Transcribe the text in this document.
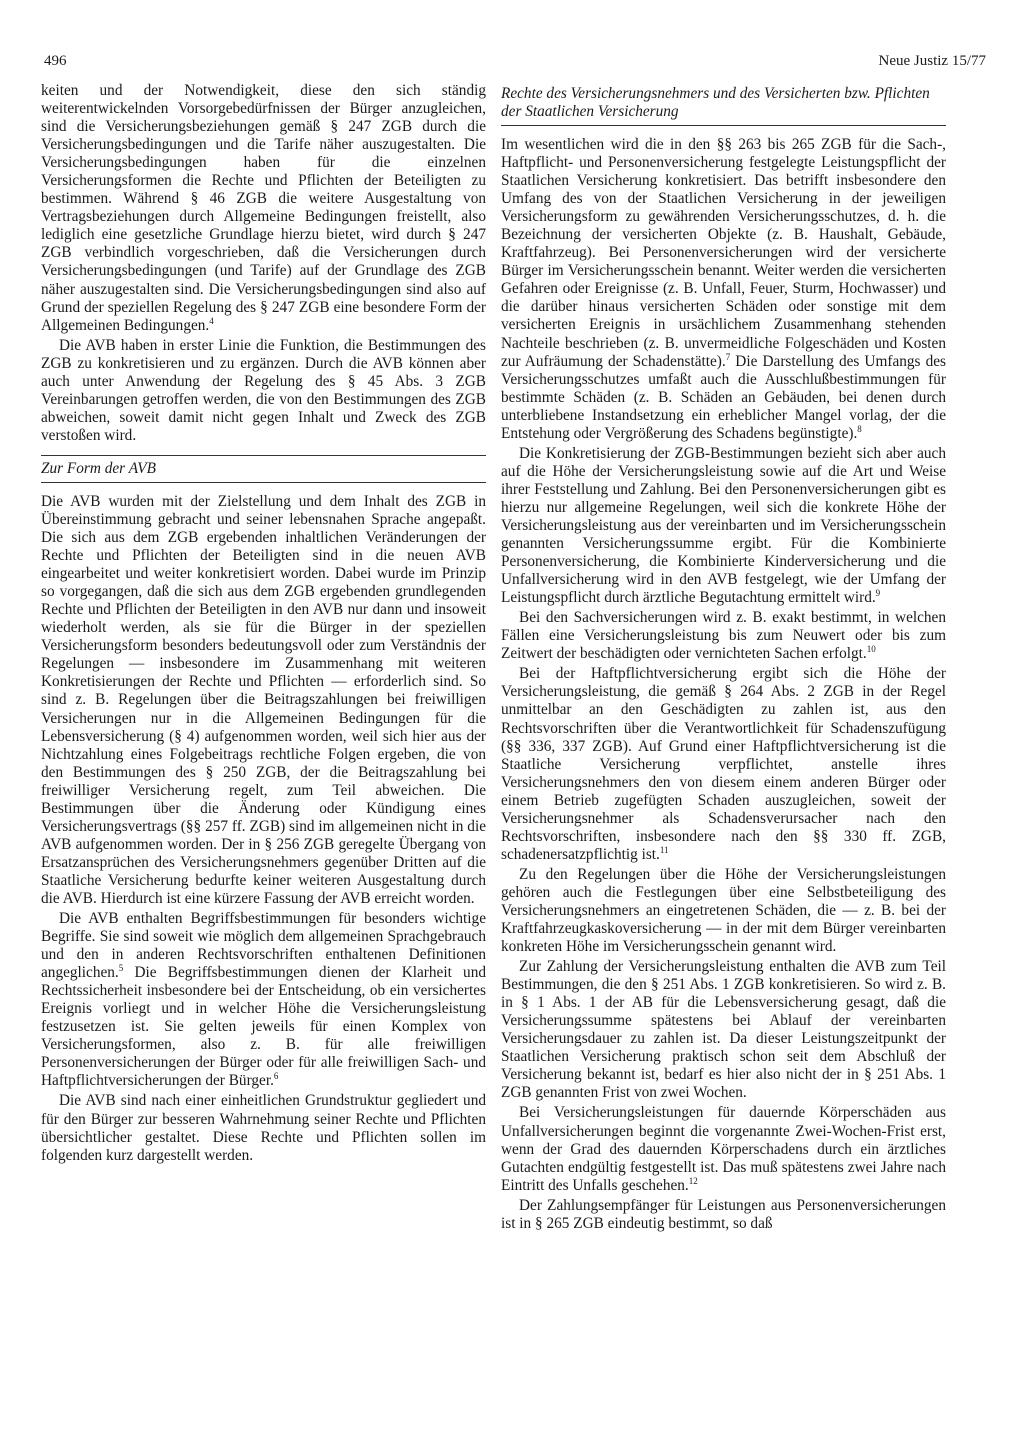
496	Neue Justiz 15/77

keiten und der Notwendigkeit, diese den sich ständig weiterentwickelnden Vorsorgebedürfnissen der Bürger anzugleichen, sind die Versicherungsbeziehungen gemäß § 247 ZGB durch die Versicherungsbedingungen und die Tarife näher auszugestalten. Die Versicherungsbedingungen haben für die einzelnen Versicherungsformen die Rechte und Pflichten der Beteiligten zu bestimmen. Während § 46 ZGB die weitere Ausgestaltung von Vertragsbeziehungen durch Allgemeine Bedingungen freistellt, also lediglich eine gesetzliche Grundlage hierzu bietet, wird durch § 247 ZGB verbindlich vorgeschrieben, daß die Versicherungen durch Versicherungsbedingungen (und Tarife) auf der Grundlage des ZGB näher auszugestalten sind. Die Versicherungsbedingungen sind also auf Grund der speziellen Regelung des § 247 ZGB eine besondere Form der Allgemeinen Bedingungen.$^4$

Die AVB haben in erster Linie die Funktion, die Bestimmungen des ZGB zu konkretisieren und zu ergänzen. Durch die AVB können aber auch unter Anwendung der Regelung des § 45 Abs. 3 ZGB Vereinbarungen getroffen werden, die von den Bestimmungen des ZGB abweichen, soweit damit nicht gegen Inhalt und Zweck des ZGB verstoßen wird.

Zur Form der AVB

Die AVB wurden mit der Zielstellung und dem Inhalt des ZGB in Übereinstimmung gebracht und seiner lebensnahen Sprache angepaßt. Die sich aus dem ZGB ergebenden inhaltlichen Veränderungen der Rechte und Pflichten der Beteiligten sind in die neuen AVB eingearbeitet und weiter konkretisiert worden. Dabei wurde im Prinzip so vorgegangen, daß die sich aus dem ZGB ergebenden grundlegenden Rechte und Pflichten der Beteiligten in den AVB nur dann und insoweit wiederholt werden, als sie für die Bürger in der speziellen Versicherungsform besonders bedeutungsvoll oder zum Verständnis der Regelungen — insbesondere im Zusammenhang mit weiteren Konkretisierungen der Rechte und Pflichten — erforderlich sind. So sind z. B. Regelungen über die Beitragszahlungen bei freiwilligen Versicherungen nur in die Allgemeinen Bedingungen für die Lebensversicherung (§ 4) aufgenommen worden, weil sich hier aus der Nichtzahlung eines Folgebeitrags rechtliche Folgen ergeben, die von den Bestimmungen des § 250 ZGB, der die Beitragszahlung bei freiwilliger Versicherung regelt, zum Teil abweichen. Die Bestimmungen über die Änderung oder Kündigung eines Versicherungsvertrags (§§ 257 ff. ZGB) sind im allgemeinen nicht in die AVB aufgenommen worden. Der in § 256 ZGB geregelte Übergang von Ersatzansprüchen des Versicherungsnehmers gegenüber Dritten auf die Staatliche Versicherung bedurfte keiner weiteren Ausgestaltung durch die AVB. Hierdurch ist eine kürzere Fassung der AVB erreicht worden.

Die AVB enthalten Begriffsbestimmungen für besonders wichtige Begriffe. Sie sind soweit wie möglich dem allgemeinen Sprachgebrauch und den in anderen Rechtsvorschriften enthaltenen Definitionen angeglichen.$^5$ Die Begriffsbestimmungen dienen der Klarheit und Rechtssicherheit insbesondere bei der Entscheidung, ob ein versichertes Ereignis vorliegt und in welcher Höhe die Versicherungsleistung festzusetzen ist. Sie gelten jeweils für einen Komplex von Versicherungsformen, also z. B. für alle freiwilligen Personenversicherungen der Bürger oder für alle freiwilligen Sach- und Haftpflichtversicherungen der Bürger.$^6$

Die AVB sind nach einer einheitlichen Grundstruktur gegliedert und für den Bürger zur besseren Wahrnehmung seiner Rechte und Pflichten übersichtlicher gestaltet. Diese Rechte und Pflichten sollen im folgenden kurz dargestellt werden.

Rechte des Versicherungsnehmers und des Versicherten bzw. Pflichten der Staatlichen Versicherung

Im wesentlichen wird die in den §§ 263 bis 265 ZGB für die Sach-, Haftpflicht- und Personenversicherung festgelegte Leistungspflicht der Staatlichen Versicherung konkretisiert. Das betrifft insbesondere den Umfang des von der Staatlichen Versicherung in der jeweiligen Versicherungsform zu gewährenden Versicherungsschutzes, d. h. die Bezeichnung der versicherten Objekte (z. B. Haushalt, Gebäude, Kraftfahrzeug). Bei Personenversicherungen wird der versicherte Bürger im Versicherungsschein benannt. Weiter werden die versicherten Gefahren oder Ereignisse (z. B. Unfall, Feuer, Sturm, Hochwasser) und die darüber hinaus versicherten Schäden oder sonstige mit dem versicherten Ereignis in ursächlichem Zusammenhang stehenden Nachteile beschrieben (z. B. unvermeidliche Folgeschäden und Kosten zur Aufräumung der Schadenstätte).$^7$ Die Darstellung des Umfangs des Versicherungsschutzes umfaßt auch die Ausschlußbestimmungen für bestimmte Schäden (z. B. Schäden an Gebäuden, bei denen durch unterbliebene Instandsetzung ein erheblicher Mangel vorlag, der die Entstehung oder Vergrößerung des Schadens begünstigte).$^8$

Die Konkretisierung der ZGB-Bestimmungen bezieht sich aber auch auf die Höhe der Versicherungsleistung sowie auf die Art und Weise ihrer Feststellung und Zahlung. Bei den Personenversicherungen gibt es hierzu nur allgemeine Regelungen, weil sich die konkrete Höhe der Versicherungsleistung aus der vereinbarten und im Versicherungsschein genannten Versicherungssumme ergibt. Für die Kombinierte Personenversicherung, die Kombinierte Kinderversicherung und die Unfallversicherung wird in den AVB festgelegt, wie der Umfang der Leistungspflicht durch ärztliche Begutachtung ermittelt wird.$^9$

Bei den Sachversicherungen wird z. B. exakt bestimmt, in welchen Fällen eine Versicherungsleistung bis zum Neuwert oder bis zum Zeitwert der beschädigten oder vernichteten Sachen erfolgt.$^{10}$

Bei der Haftpflichtversicherung ergibt sich die Höhe der Versicherungsleistung, die gemäß § 264 Abs. 2 ZGB in der Regel unmittelbar an den Geschädigten zu zahlen ist, aus den Rechtsvorschriften über die Verantwortlichkeit für Schadenszufügung (§§ 336, 337 ZGB). Auf Grund einer Haftpflichtversicherung ist die Staatliche Versicherung verpflichtet, anstelle ihres Versicherungsnehmers den von diesem einem anderen Bürger oder einem Betrieb zugefügten Schaden auszugleichen, soweit der Versicherungsnehmer als Schadensverursacher nach den Rechtsvorschriften, insbesondere nach den §§ 330 ff. ZGB, schadenersatzpflichtig ist.$^{11}$

Zu den Regelungen über die Höhe der Versicherungsleistungen gehören auch die Festlegungen über eine Selbstbeteiligung des Versicherungsnehmers an eingetretenen Schäden, die — z. B. bei der Kraftfahrzeugkaskoversicherung — in der mit dem Bürger vereinbarten konkreten Höhe im Versicherungsschein genannt wird.

Zur Zahlung der Versicherungsleistung enthalten die AVB zum Teil Bestimmungen, die den § 251 Abs. 1 ZGB konkretisieren. So wird z. B. in § 1 Abs. 1 der AB für die Lebensversicherung gesagt, daß die Versicherungssumme spätestens bei Ablauf der vereinbarten Versicherungsdauer zu zahlen ist. Da dieser Leistungszeitpunkt der Staatlichen Versicherung praktisch schon seit dem Abschluß der Versicherung bekannt ist, bedarf es hier also nicht der in § 251 Abs. 1 ZGB genannten Frist von zwei Wochen.

Bei Versicherungsleistungen für dauernde Körperschäden aus Unfallversicherungen beginnt die vorgenannte Zwei-Wochen-Frist erst, wenn der Grad des dauernden Körperschadens durch ein ärztliches Gutachten endgültig festgestellt ist. Das muß spätestens zwei Jahre nach Eintritt des Unfalls geschehen.$^{12}$

Der Zahlungsempfänger für Leistungen aus Personenversicherungen ist in § 265 ZGB eindeutig bestimmt, so daß
